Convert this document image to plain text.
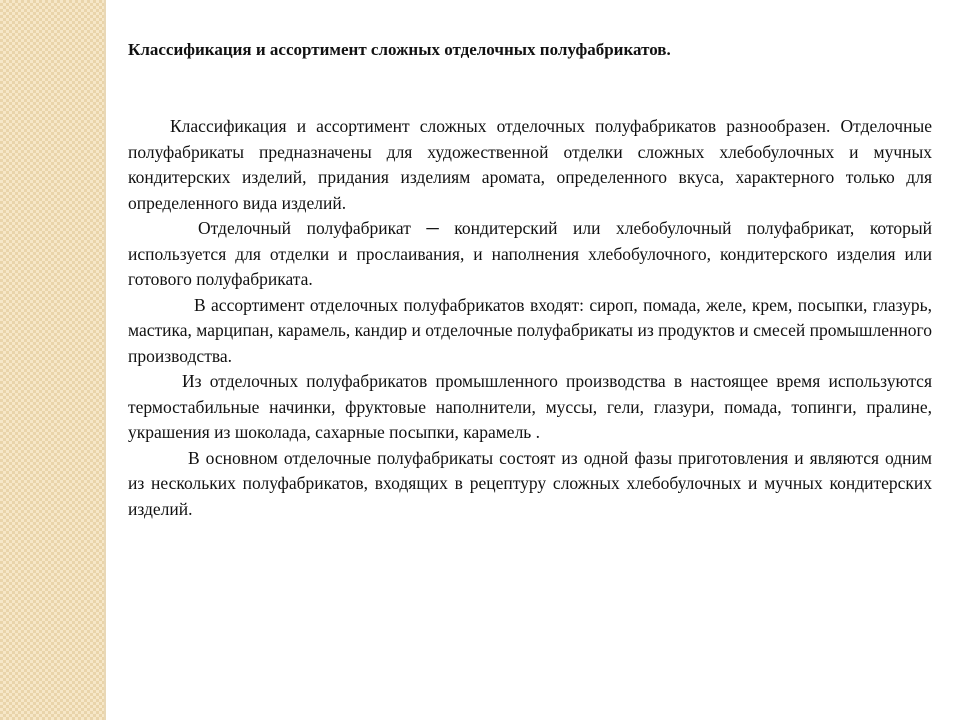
Классификация и ассортимент сложных отделочных полуфабрикатов.

Классификация и ассортимент сложных отделочных полуфабрикатов разнообразен. Отделочные полуфабрикаты предназначены для художественной отделки сложных хлебобулочных и мучных кондитерских изделий, придания изделиям аромата, определенного вкуса, характерного только для определенного вида изделий.

Отделочный полуфабрикат ─ кондитерский или хлебобулочный полуфабрикат, который используется для отделки и прослаивания, и наполнения хлебобулочного, кондитерского изделия или готового полуфабриката.

В ассортимент отделочных полуфабрикатов входят: сироп, помада, желе, крем, посыпки, глазурь, мастика, марципан, карамель, кандир и отделочные полуфабрикаты из продуктов и смесей промышленного производства.

Из отделочных полуфабрикатов промышленного производства в настоящее время используются термостабильные начинки, фруктовые наполнители, муссы, гели, глазури, помада, топинги, пралине, украшения из шоколада, сахарные посыпки, карамель .

В основном отделочные полуфабрикаты состоят из одной фазы приготовления и являются одним из нескольких полуфабрикатов, входящих в рецептуру сложных хлебобулочных и мучных кондитерских изделий.
